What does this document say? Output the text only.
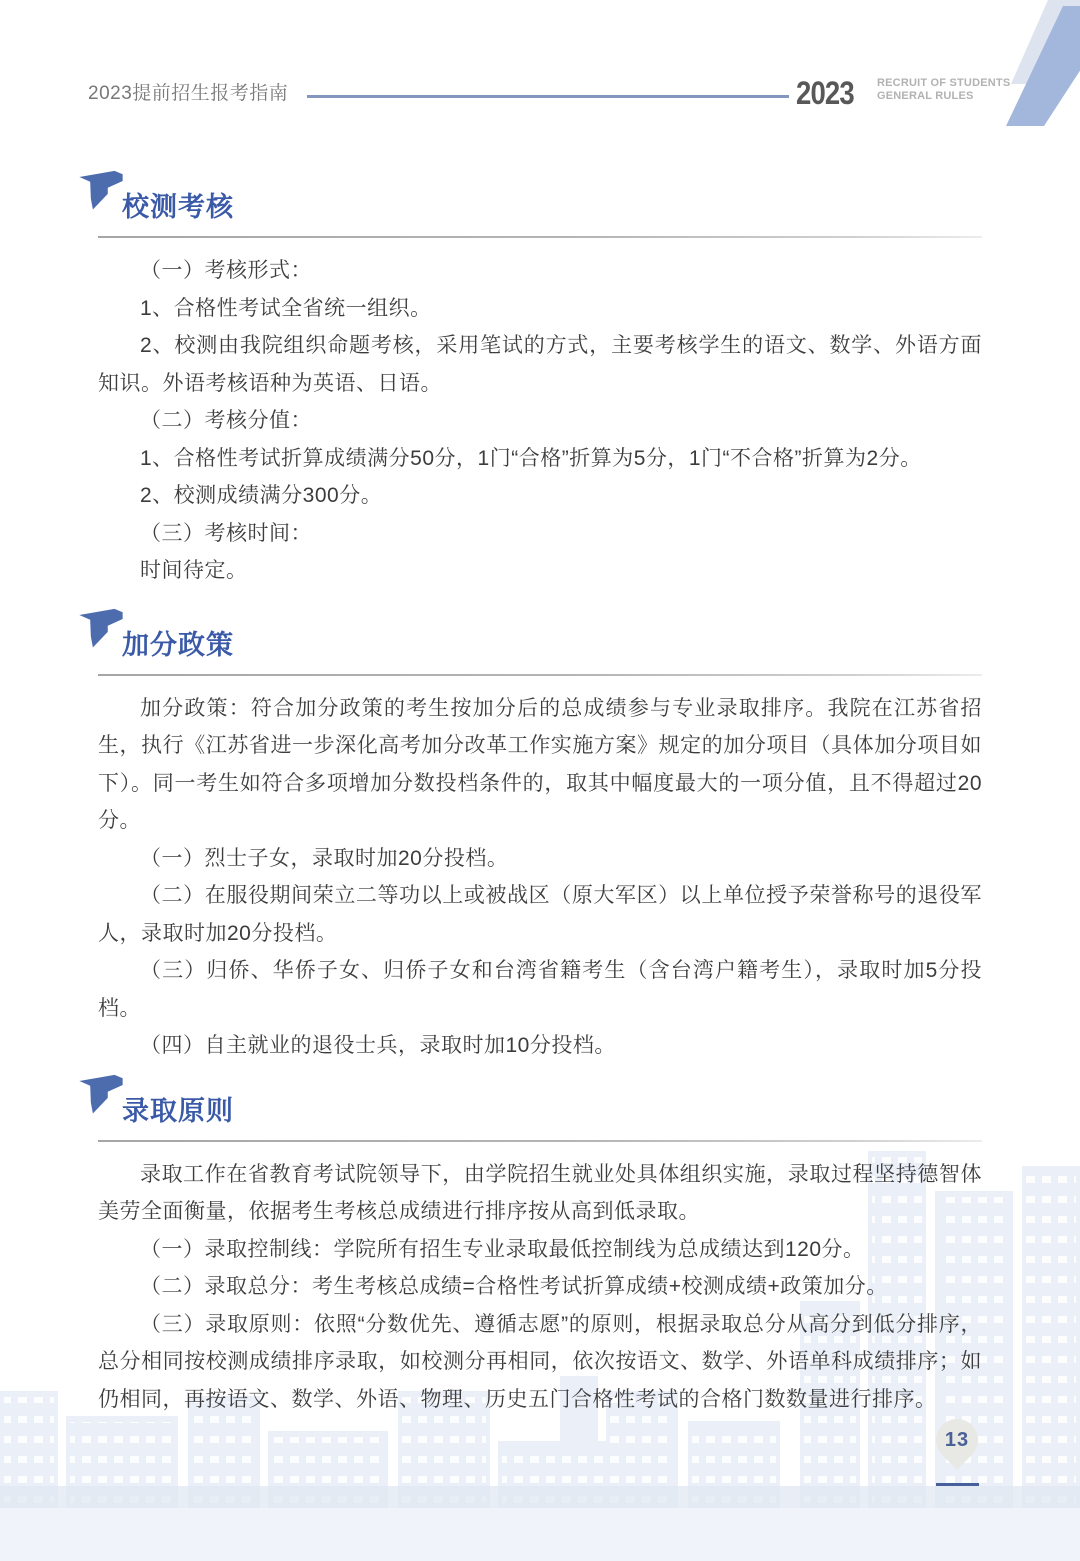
2023提前招生报考指南	2023 RECRUIT OF STUDENTS
GENERAL RULES
校测考核

（一）考核形式：

1、合格性考试全省统一组织。

2、校测由我院组织命题考核，采用笔试的方式，主要考核学生的语文、数学、外语方面知识。外语考核语种为英语、日语。

（二）考核分值：

1、合格性考试折算成绩满分50分，1门“合格”折算为5分，1门“不合格”折算为2分。

2、校测成绩满分300分。

（三）考核时间：

时间待定。

加分政策

加分政策：符合加分政策的考生按加分后的总成绩参与专业录取排序。我院在江苏省招生，执行《江苏省进一步深化高考加分改革工作实施方案》规定的加分项目（具体加分项目如下）。同一考生如符合多项增加分数投档条件的，取其中幅度最大的一项分值，且不得超过20分。

（一）烈士子女，录取时加20分投档。

（二）在服役期间荣立二等功以上或被战区（原大军区）以上单位授予荣誉称号的退役军人，录取时加20分投档。

（三）归侨、华侨子女、归侨子女和台湾省籍考生（含台湾户籍考生），录取时加5分投档。

（四）自主就业的退役士兵，录取时加10分投档。

录取原则

录取工作在省教育考试院领导下，由学院招生就业处具体组织实施，录取过程坚持德智体美劳全面衡量，依据考生考核总成绩进行排序按从高到低录取。

（一）录取控制线：学院所有招生专业录取最低控制线为总成绩达到120分。

（二）录取总分：考生考核总成绩=合格性考试折算成绩+校测成绩+政策加分。

（三）录取原则：依照“分数优先、遵循志愿”的原则，根据录取总分从高分到低分排序，总分相同按校测成绩排序录取，如校测分再相同，依次按语文、数学、外语单科成绩排序；如仍相同，再按语文、数学、外语、物理、历史五门合格性考试的合格门数数量进行排序。

13
